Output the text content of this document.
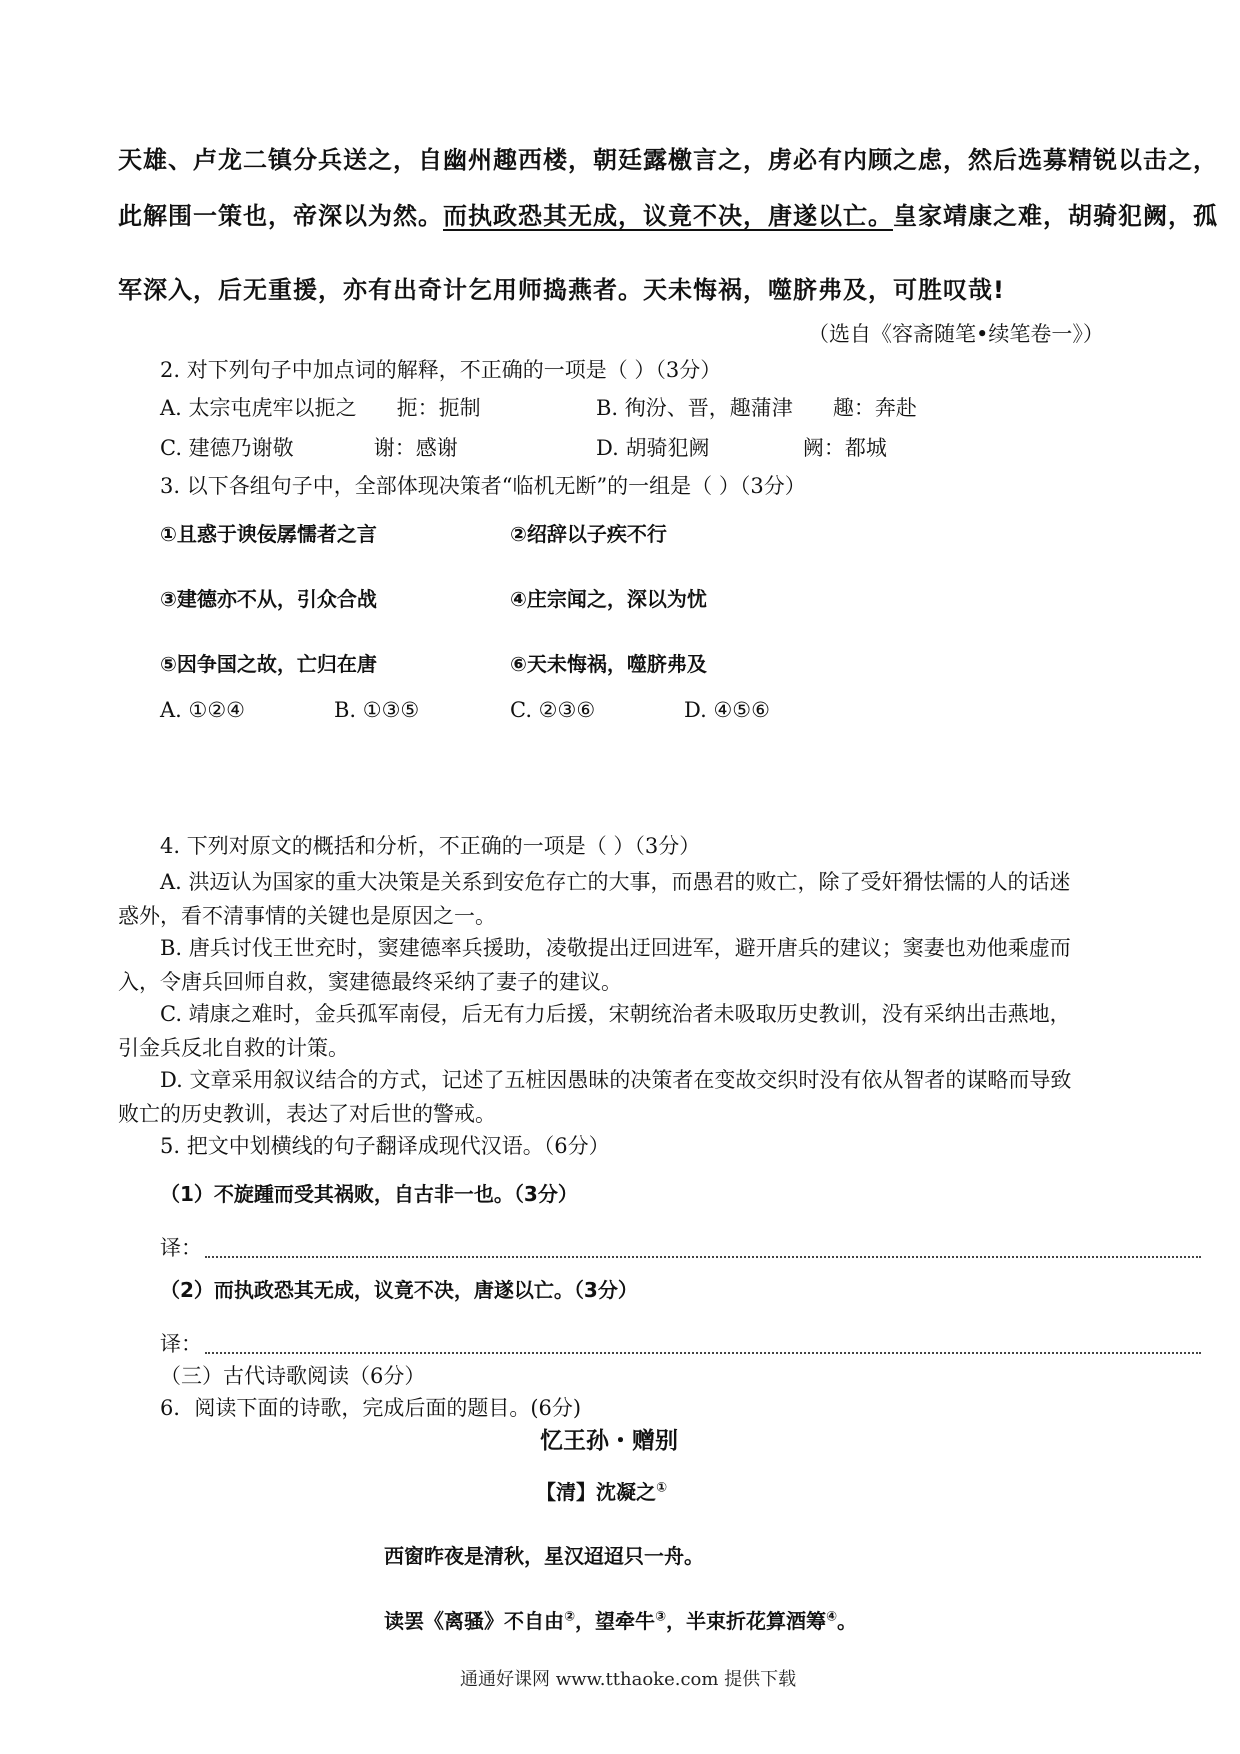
天雄、卢龙二镇分兵送之，自幽州趣西楼，朝廷露檄言之，虏必有内顾之虑，然后选募精锐以击之，
此解围一策也，帝深以为然。而执政恐其无成，议竟不决，唐遂以亡。皇家靖康之难，胡骑犯阙，孤
军深入，后无重援，亦有出奇计乞用师捣燕者。天未悔祸，噬脐弗及，可胜叹哉!
（选自《容斋随笔•续笔卷一》）
2. 对下列句子中加点词的解释，不正确的一项是（ ）（3分）
A. 太宗屯虎牢以扼之      扼：扼制	B. 徇汾、晋，趣蒲津      趣：奔赴
C. 建德乃谢敬            谢：感谢	D. 胡骑犯阙              阙：都城
3. 以下各组句子中，全部体现决策者“临机无断”的一组是（ ）（3分）
①且惑于谀佞孱懦者之言	②绍辞以子疾不行
③建德亦不从，引众合战	④庄宗闻之，深以为忧
⑤因争国之故，亡归在唐	⑥天未悔祸，噬脐弗及
A. ①②④	B. ①③⑤	C. ②③⑥	D. ④⑤⑥
4. 下列对原文的概括和分析，不正确的一项是（ ）（3分）
A. 洪迈认为国家的重大决策是关系到安危存亡的大事，而愚君的败亡，除了受奸猾怯懦的人的话迷
惑外，看不清事情的关键也是原因之一。
B. 唐兵讨伐王世充时，窦建德率兵援助，凌敬提出迂回进军，避开唐兵的建议；窦妻也劝他乘虚而
入，令唐兵回师自救，窦建德最终采纳了妻子的建议。
C. 靖康之难时，金兵孤军南侵，后无有力后援，宋朝统治者未吸取历史教训，没有采纳出击燕地，
引金兵反北自救的计策。
D. 文章采用叙议结合的方式，记述了五桩因愚昧的决策者在变故交织时没有依从智者的谋略而导致
败亡的历史教训，表达了对后世的警戒。
5. 把文中划横线的句子翻译成现代汉语。（6分）
（1）不旋踵而受其祸败，自古非一也。（3分）
译：
（2）而执政恐其无成，议竟不决，唐遂以亡。（3分）
译：
（三）古代诗歌阅读（6分）
6．阅读下面的诗歌，完成后面的题目。(6分)
忆王孙・赠别
【清】沈凝之①
西窗昨夜是清秋，星汉迢迢只一舟。
读罢《离骚》不自由②，望牵牛③，半束折花算酒筹④。
通通好课网 www.tthaoke.com 提供下载
